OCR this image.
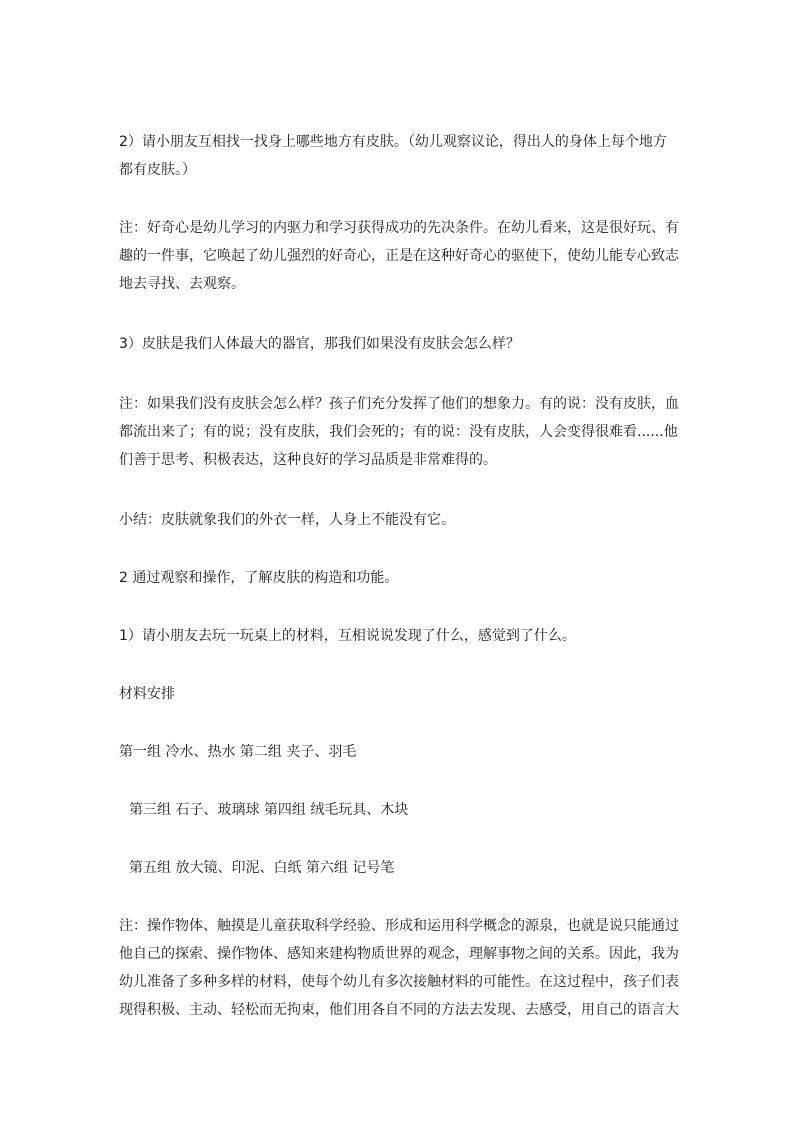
2）请小朋友互相找一找身上哪些地方有皮肤。（幼儿观察议论，得出人的身体上每个地方
都有皮肤。）

注：好奇心是幼儿学习的内驱力和学习获得成功的先决条件。在幼儿看来，这是很好玩、有
趣的一件事，它唤起了幼儿强烈的好奇心，正是在这种好奇心的驱使下，使幼儿能专心致志
地去寻找、去观察。

3）皮肤是我们人体最大的器官，那我们如果没有皮肤会怎么样？

注：如果我们没有皮肤会怎么样？孩子们充分发挥了他们的想象力。有的说：没有皮肤，血
都流出来了；有的说；没有皮肤，我们会死的；有的说：没有皮肤，人会变得很难看......他
们善于思考、积极表达，这种良好的学习品质是非常难得的。

小结：皮肤就象我们的外衣一样，人身上不能没有它。

2 通过观察和操作，了解皮肤的构造和功能。

1）请小朋友去玩一玩桌上的材料，互相说说发现了什么，感觉到了什么。

材料安排

第一组 冷水、热水 第二组 夹子、羽毛

第三组 石子、玻璃球 第四组 绒毛玩具、木块

第五组 放大镜、印泥、白纸 第六组 记号笔

注：操作物体、触摸是儿童获取科学经验、形成和运用科学概念的源泉，也就是说只能通过
他自己的探索、操作物体、感知来建构物质世界的观念，理解事物之间的关系。因此，我为
幼儿准备了多种多样的材料，使每个幼儿有多次接触材料的可能性。在这过程中，孩子们表
现得积极、主动、轻松而无拘束，他们用各自不同的方法去发现、去感受，用自己的语言大
